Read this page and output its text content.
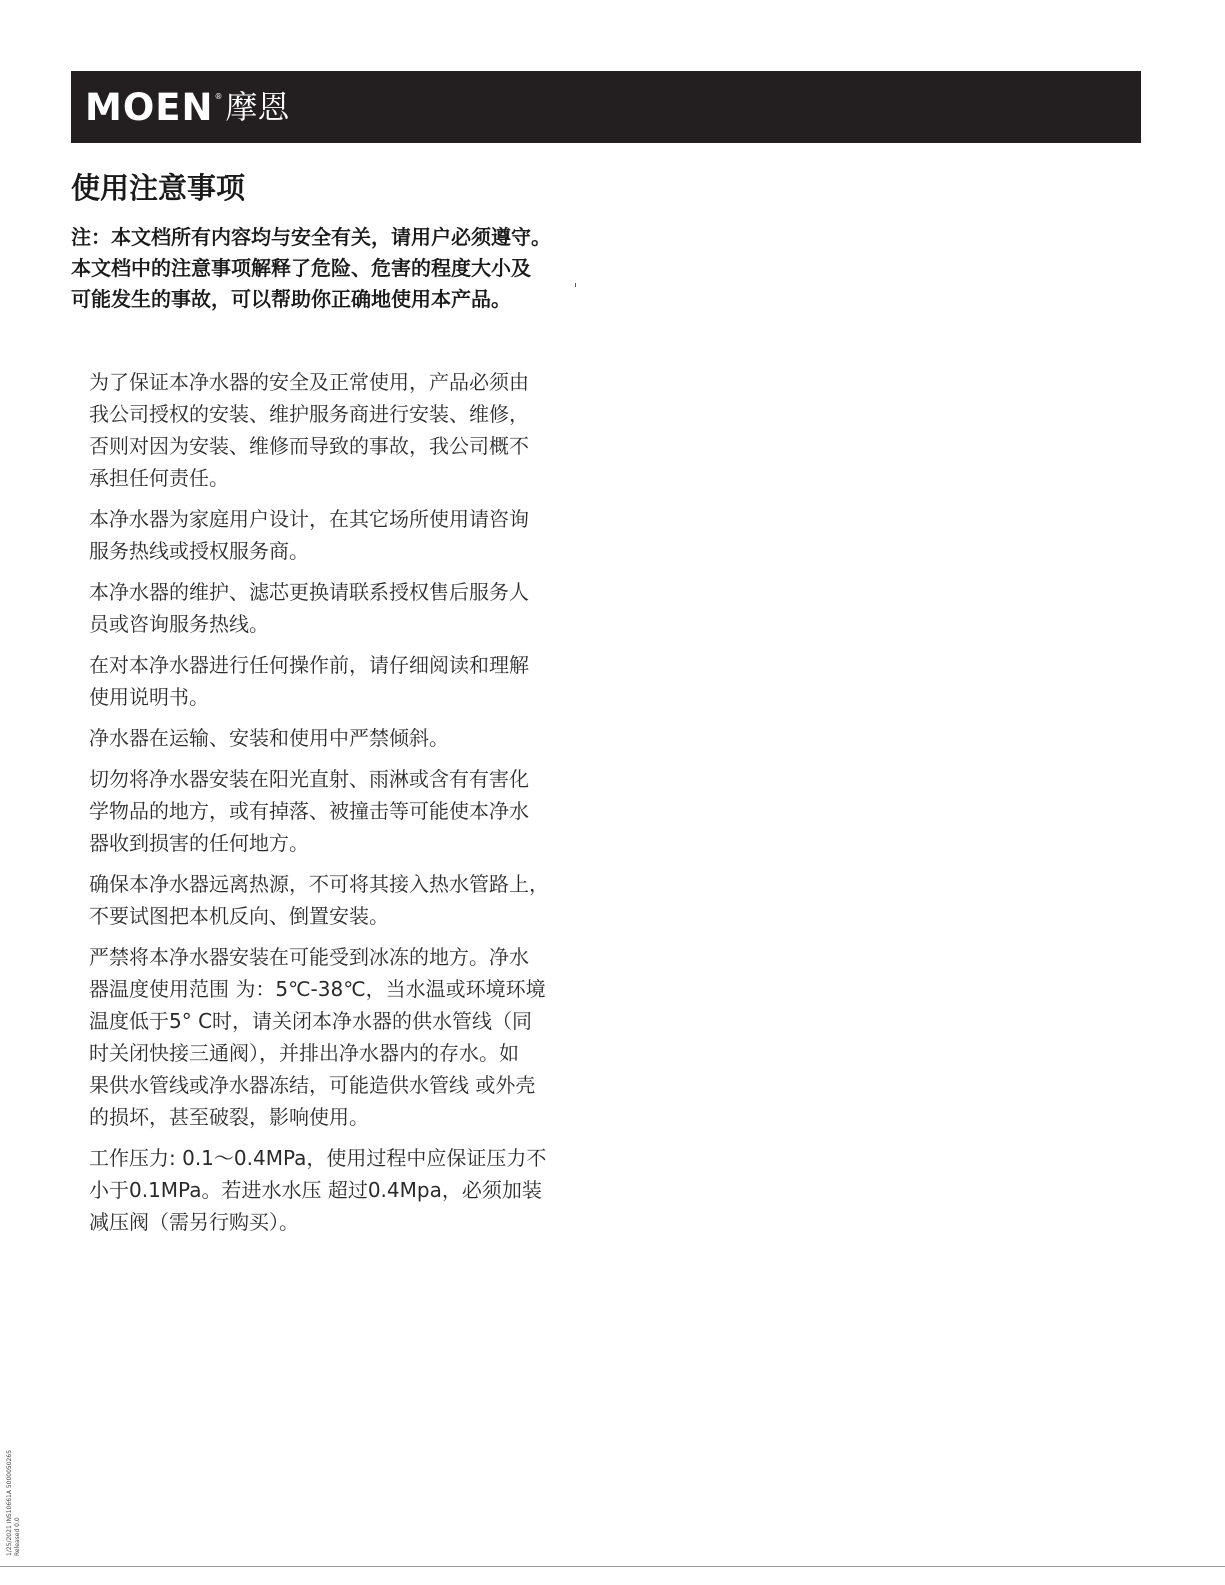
MOEN ® 摩恩
使用注意事项
注：本文档所有内容均与安全有关，请用户必须遵守。
本文档中的注意事项解释了危险、危害的程度大小及
可能发生的事故，可以帮助你正确地使用本产品。

为了保证本净水器的安全及正常使用，产品必须由
我公司授权的安装、维护服务商进行安装、维修，
否则对因为安装、维修而导致的事故，我公司概不
承担任何责任。

本净水器为家庭用户设计，在其它场所使用请咨询
服务热线或授权服务商。

本净水器的维护、滤芯更换请联系授权售后服务人
员或咨询服务热线。

在对本净水器进行任何操作前，请仔细阅读和理解
使用说明书。

净水器在运输、安装和使用中严禁倾斜。

切勿将净水器安装在阳光直射、雨淋或含有有害化
学物品的地方，或有掉落、被撞击等可能使本净水
器收到损害的任何地方。

确保本净水器远离热源，不可将其接入热水管路上，
不要试图把本机反向、倒置安装。

严禁将本净水器安装在可能受到冰冻的地方。净水
器温度使用范围 为：5℃-38℃，当水温或环境环境
温度低于5° C时，请关闭本净水器的供水管线（同
时关闭快接三通阀），并排出净水器内的存水。如
果供水管线或净水器冻结，可能造供水管线 或外壳
的损坏，甚至破裂，影响使用。

工作压力: 0.1～0.4MPa，使用过程中应保证压力不
小于0.1MPa。若进水水压 超过0.4Mpa，必须加装
减压阀（需另行购买）。

1/25/2021 INS10661A 5000050265 Released 0.0
